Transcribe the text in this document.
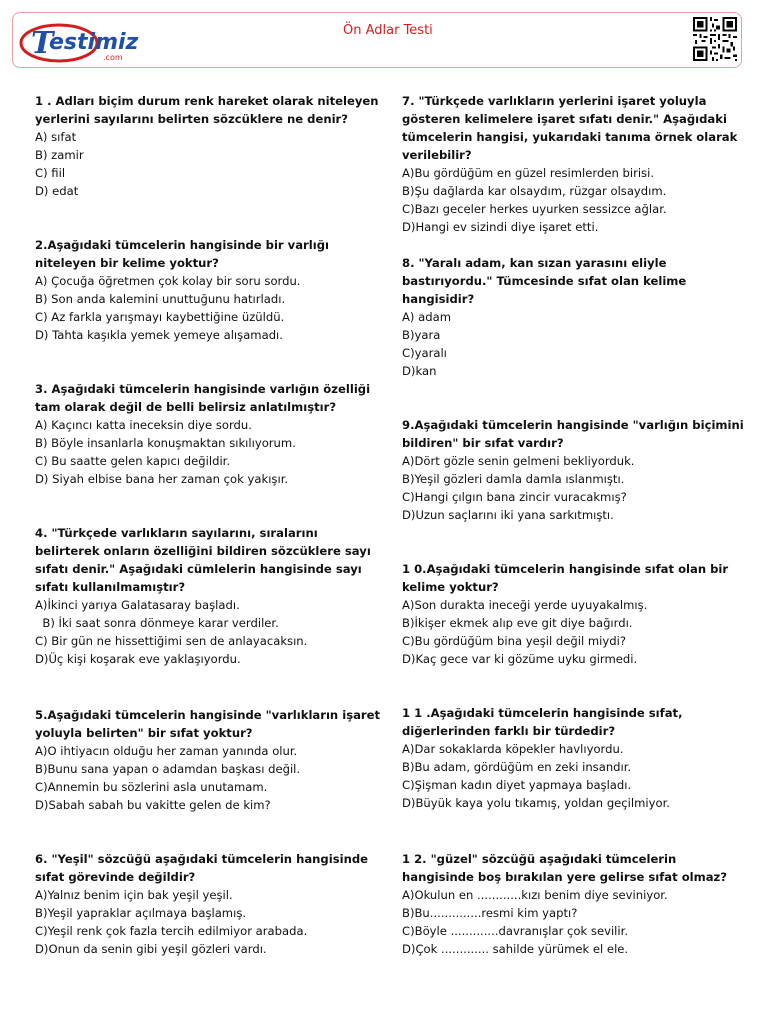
T
estimiz
.com
Ön Adlar Testi

1 . Adları biçim durum renk hareket olarak niteleyen yerlerini sayılarını belirten sözcüklere ne denir?

A) sıfat

B) zamir

C) fiil

D) edat

2.Aşağıdaki tümcelerin hangisinde bir varlığı niteleyen bir kelime yoktur?

A) Çocuğa öğretmen çok kolay bir soru sordu.

B) Son anda kalemini unuttuğunu hatırladı.

C) Az farkla yarışmayı kaybettiğine üzüldü.

D) Tahta kaşıkla yemek yemeye alışamadı.

3. Aşağıdaki tümcelerin hangisinde varlığın özelliği tam olarak değil de belli belirsiz anlatılmıştır?

A) Kaçıncı katta ineceksin diye sordu.

B) Böyle insanlarla konuşmaktan sıkılıyorum.

C) Bu saatte gelen kapıcı değildir.

D) Siyah elbise bana her zaman çok yakışır.

4. "Türkçede varlıkların sayılarını, sıralarını belirterek onların özelliğini bildiren sözcüklere sayı sıfatı denir." Aşağıdaki cümlelerin hangisinde sayı sıfatı kullanılmamıştır?

A)İkinci yarıya Galatasaray başladı.

B) İki saat sonra dönmeye karar verdiler.

C) Bir gün ne hissettiğimi sen de anlayacaksın.

D)Üç kişi koşarak eve yaklaşıyordu.

5.Aşağıdaki tümcelerin hangisinde "varlıkların işaret yoluyla belirten" bir sıfat yoktur?

A)O ihtiyacın olduğu her zaman yanında olur.

B)Bunu sana yapan o adamdan başkası değil.

C)Annemin bu sözlerini asla unutamam.

D)Sabah sabah bu vakitte gelen de kim?

6. "Yeşil" sözcüğü aşağıdaki tümcelerin hangisinde sıfat görevinde değildir?

A)Yalnız benim için bak yeşil yeşil.

B)Yeşil yapraklar açılmaya başlamış.

C)Yeşil renk çok fazla tercih edilmiyor arabada.

D)Onun da senin gibi yeşil gözleri vardı.

7. "Türkçede varlıkların yerlerini işaret yoluyla gösteren kelimelere işaret sıfatı denir." Aşağıdaki tümcelerin hangisi, yukarıdaki tanıma örnek olarak verilebilir?

A)Bu gördüğüm en güzel resimlerden birisi.

B)Şu dağlarda kar olsaydım, rüzgar olsaydım.

C)Bazı geceler herkes uyurken sessizce ağlar.

D)Hangi ev sizindi diye işaret etti.

8. "Yaralı adam, kan sızan yarasını eliyle bastırıyordu." Tümcesinde sıfat olan kelime hangisidir?

A) adam

B)yara

C)yaralı

D)kan

9.Aşağıdaki tümcelerin hangisinde "varlığın biçimini bildiren" bir sıfat vardır?

A)Dört gözle senin gelmeni bekliyorduk.

B)Yeşil gözleri damla damla ıslanmıştı.

C)Hangi çılgın bana zincir vuracakmış?

D)Uzun saçlarını iki yana sarkıtmıştı.

1 0.Aşağıdaki tümcelerin hangisinde sıfat olan bir kelime yoktur?

A)Son durakta ineceği yerde uyuyakalmış.

B)İkişer ekmek alıp eve git diye bağırdı.

C)Bu gördüğüm bina yeşil değil miydi?

D)Kaç gece var ki gözüme uyku girmedi.

1 1 .Aşağıdaki tümcelerin hangisinde sıfat, diğerlerinden farklı bir türdedir?

A)Dar sokaklarda köpekler havlıyordu.

B)Bu adam, gördüğüm en zeki insandır.

C)Şişman kadın diyet yapmaya başladı.

D)Büyük kaya yolu tıkamış, yoldan geçilmiyor.

1 2. "güzel" sözcüğü aşağıdaki tümcelerin hangisinde boş bırakılan yere gelirse sıfat olmaz?

A)Okulun en ............kızı benim diye seviniyor.

B)Bu..............resmi kim yaptı?

C)Böyle .............davranışlar çok sevilir.

D)Çok ............. sahilde yürümek el ele.
